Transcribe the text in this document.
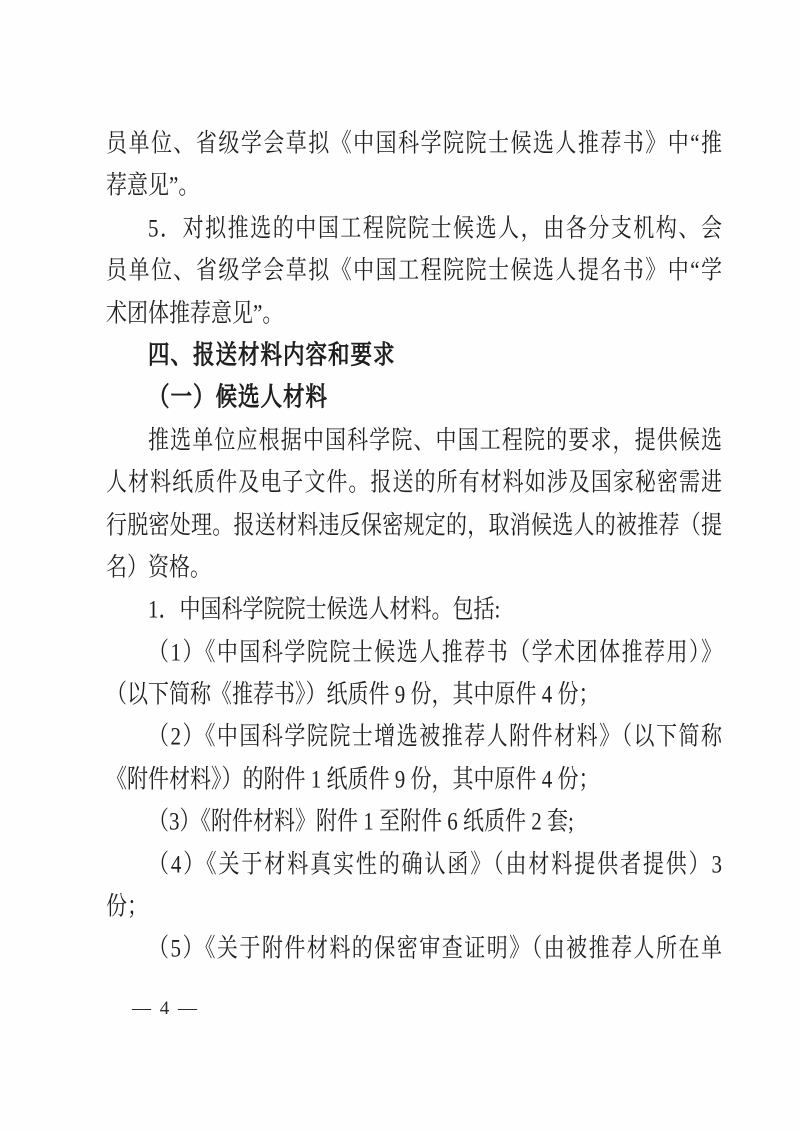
员单位、省级学会草拟《中国科学院院士候选人推荐书》中“推
荐意见”。
5．对拟推选的中国工程院院士候选人，由各分支机构、会
员单位、省级学会草拟《中国工程院院士候选人提名书》中“学
术团体推荐意见”。
四、报送材料内容和要求
（一）候选人材料
推选单位应根据中国科学院、中国工程院的要求，提供候选
人材料纸质件及电子文件。报送的所有材料如涉及国家秘密需进
行脱密处理。报送材料违反保密规定的，取消候选人的被推荐（提
名）资格。
1．中国科学院院士候选人材料。包括:
（1）《中国科学院院士候选人推荐书（学术团体推荐用）》
（以下简称《推荐书》）纸质件 9 份，其中原件 4 份；
（2）《中国科学院院士增选被推荐人附件材料》（以下简称
《附件材料》）的附件 1 纸质件 9 份，其中原件 4 份；
（3）《附件材料》附件 1 至附件 6 纸质件 2 套;
（4）《关于材料真实性的确认函》（由材料提供者提供）3
份；
（5）《关于附件材料的保密审查证明》（由被推荐人所在单
— 4 —
